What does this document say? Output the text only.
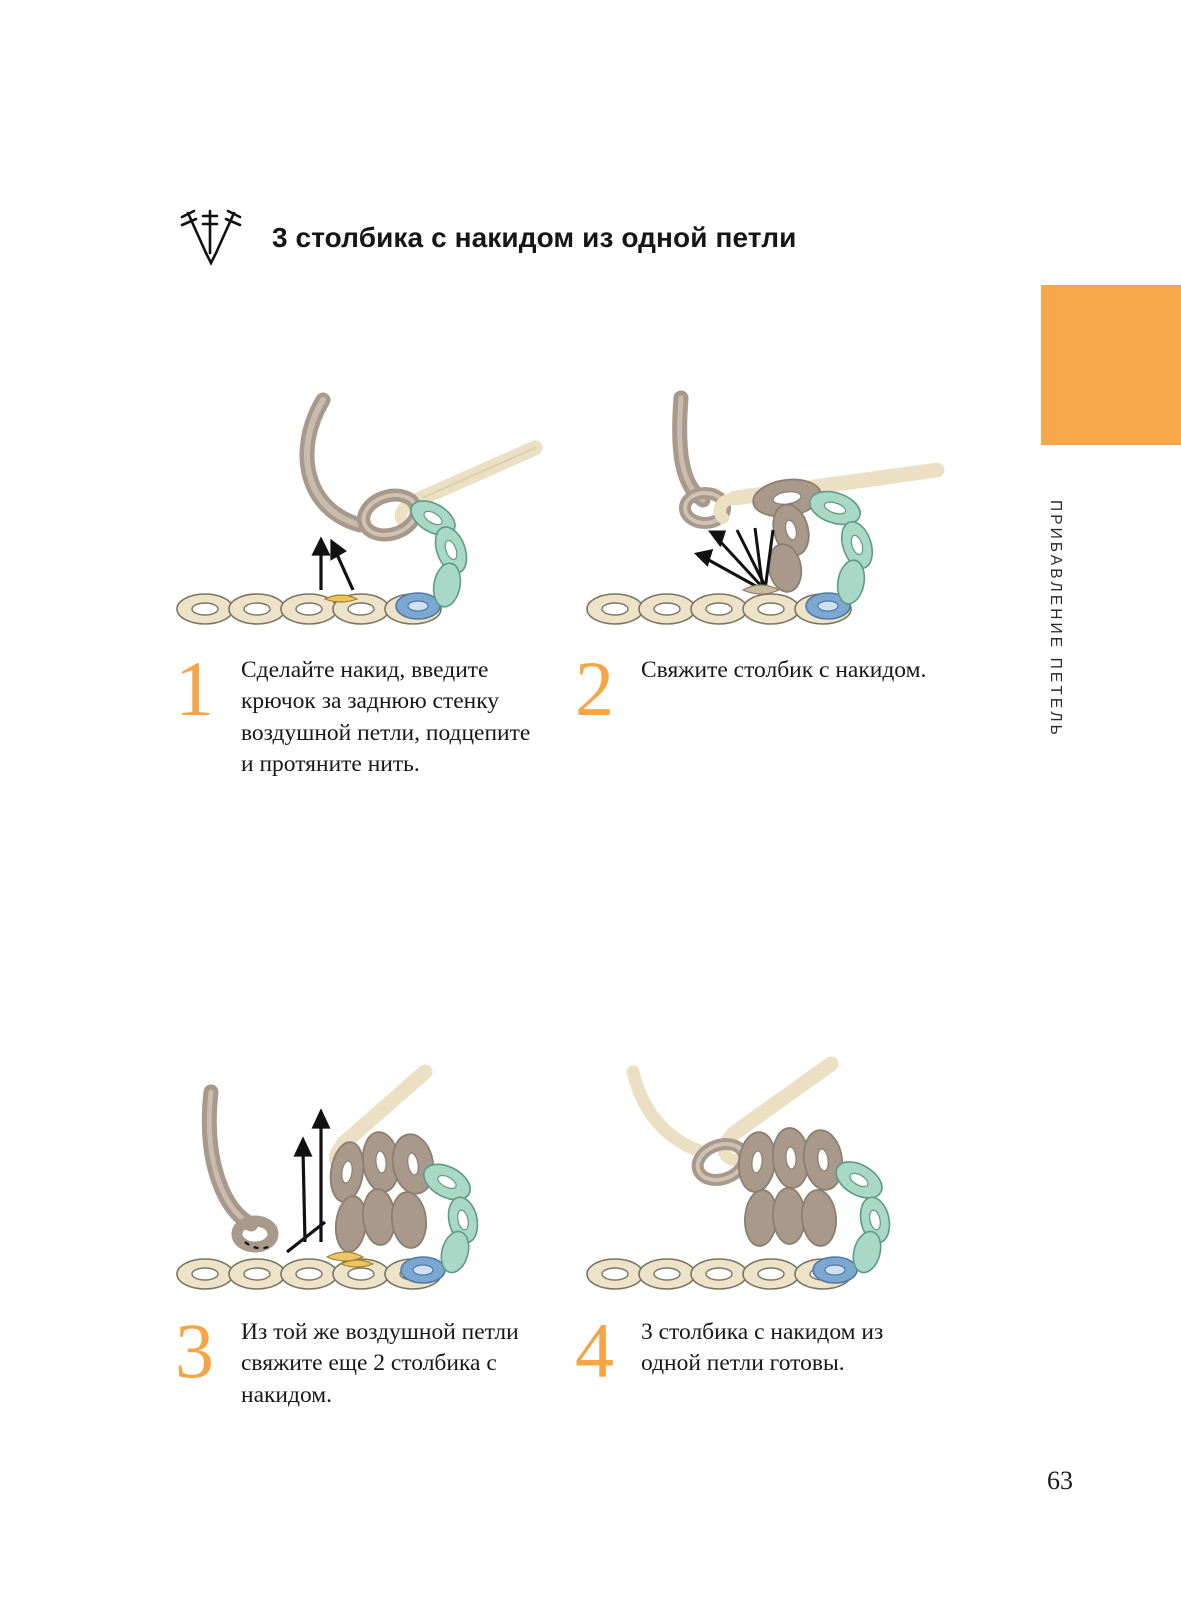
ПРИБАВЛЕНИЕ ПЕТЕЛЬ
63
3 столбика с накидом из одной петли
1	Сделайте накид, введите крючок за заднюю стенку воздушной петли, подцепите и протяните нить.
2	Свяжите столбик с накидом.
3	Из той же воздушной петли свяжите еще 2 столбика с накидом.
4	3 столбика с накидом из одной петли готовы.
